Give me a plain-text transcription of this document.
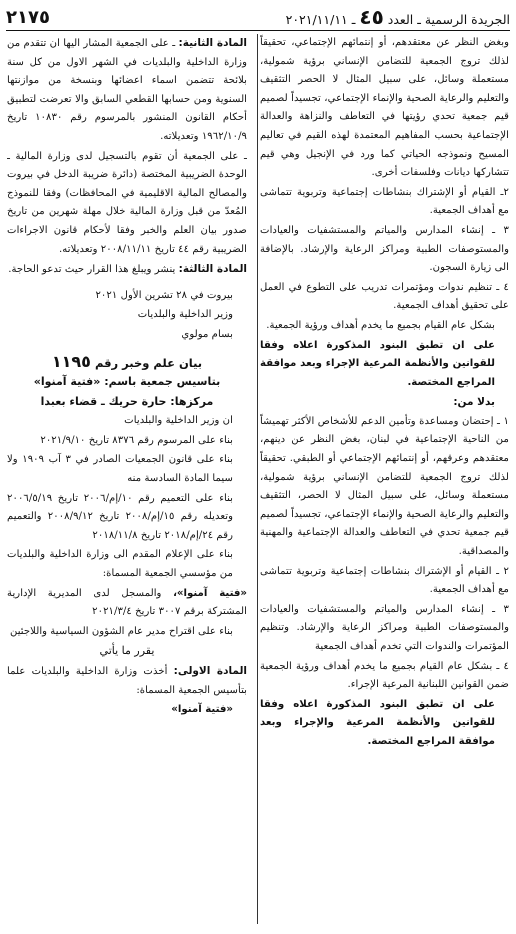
٢١٧٥	الجريدة الرسمية ـ العدد ٤٥ ـ ٢٠٢١/١١/١١

وبغض النظر عن معتقدهم، أو إنتمائهم الإجتماعي، تحقيقاً لذلك تروج الجمعية للتضامن الإنساني برؤية شمولية، مستعملة وسائل، على سبيل المثال لا الحصر التثقيف والتعليم والرعاية الصحية والإنماء الإجتماعي، تجسيداً لصميم قيم جمعية تحدي رؤيتها في التعاطف والنزاهة والعدالة الإجتماعية بحسب المفاهيم المعتمدة لهذه القيم في تعاليم المسيح ونموذجه الحياتي كما ورد في الإنجيل وهي قيم تتشاركها ديانات وفلسفات أخرى.

٢ـ القيام أو الإشتراك بنشاطات إجتماعية وتربوية تتماشى مع أهداف الجمعية.

٣ ـ إنشاء المدارس والمياتم والمستشفيات والعيادات والمستوصفات الطبية ومراكز الرعاية والإرشاد. بالإضافة الى زيارة السجون.

٤ ـ تنظيم ندوات ومؤتمرات تدريب على التطوع في العمل على تحقيق أهداف الجمعية.

بشكل عام القيام بجميع ما يخدم أهداف ورؤية الجمعية.

على ان تطبق البنود المذكورة اعلاه وفقا للقوانين والأنظمة المرعية الإجراء وبعد موافقة المراجع المختصة.

بدلا من:

١ ـ إحتضان ومساعدة وتأمين الدعم للأشخاص الأكثر تهميشاً من الناحية الإجتماعية في لبنان، بغض النظر عن دينهم، معتقدهم وعرقهم، أو إنتمائهم الإجتماعي أو الطبقي. تحقيقاً لذلك تروج الجمعية للتضامن الإنساني برؤية شمولية، مستعملة وسائل، على سبيل المثال لا الحصر، التثقيف والتعليم والرعاية الصحية والإنماء الإجتماعي، تجسيداً لصميم قيم جمعية تحدي في التعاطف والعدالة الإجتماعية والمهنية والمصداقية.

٢ ـ القيام أو الإشتراك بنشاطات إجتماعية وتربوية تتماشى مع أهداف الجمعية.

٣ ـ إنشاء المدارس والمياتم والمستشفيات والعيادات والمستوصفات الطبية ومراكز الرعاية والإرشاد. وتنظيم المؤتمرات والندوات التي تخدم أهداف الجمعية

٤ ـ بشكل عام القيام بجميع ما يخدم أهداف ورؤية الجمعية ضمن القوانين اللبنانية المرعية الإجراء.

على ان تطبق البنود المذكورة اعلاه وفقا للقوانين والأنظمة المرعية والإجراء وبعد موافقة المراجع المختصة.

المادة الثانية: ـ على الجمعية المشار اليها ان تتقدم من وزارة الداخلية والبلديات في الشهر الاول من كل سنة بلائحة تتضمن اسماء اعضائها وبنسخة من موازنتها السنوية ومن حسابها القطعي السابق والا تعرضت لتطبيق أحكام القانون المنشور بالمرسوم رقم ١٠٨٣٠ تاريخ ١٩٦٢/١٠/٩ وتعديلاته.

ـ على الجمعية أن تقوم بالتسجيل لدى وزارة المالية ـ الوحدة الضريبية المختصة (دائرة ضريبة الدخل في بيروت والمصالح المالية الاقليمية في المحافظات) وفقا للنموذج المُعدّ من قبل وزارة المالية خلال مهلة شهرين من تاريخ صدور بيان العلم والخبر وفقا لأحكام قانون الاجراءات الضريبية رقم ٤٤ تاريخ ٢٠٠٨/١١/١١ وتعديلاته.

المادة الثالثة: ينشر ويبلغ هذا القرار حيث تدعو الحاجة.

بيروت في ٢٨ تشرين الأول ٢٠٢١

وزير الداخلية والبلديات

بسام مولوي

بيان علم وخبر رقم ١١٩٥

بتاسيس جمعية باسم: «فتية آمنوا»

مركزها: حارة حريك ـ قضاء بعبدا

ان وزير الداخلية والبلديات

بناء على المرسوم رقم ٨٣٧٦ تاريخ ٢٠٢١/٩/١٠

بناء على قانون الجمعيات الصادر في ٣ آب ١٩٠٩ ولا سيما المادة السادسة منه

بناء على التعميم رقم ١٠/إم/٢٠٠٦ تاريخ ٢٠٠٦/٥/١٩ وتعديله رقم ١٥/إم/٢٠٠٨ تاريخ ٢٠٠٨/٩/١٢ والتعميم رقم ٢٤/إم/٢٠١٨ تاريخ ٢٠١٨/١١/٨

بناء على الإعلام المقدم الى وزارة الداخلية والبلديات من مؤسسي الجمعية المسماة:

«فتية آمنوا»، والمسجل لدى المديرية الإدارية المشتركة برقم ٣٠٠٧ تاريخ ٢٠٢١/٣/٤

بناء على اقتراح مدير عام الشؤون السياسية واللاجئين

يقرر ما يأتي

المادة الاولى: أخذت وزارة الداخلية والبلديات علما بتأسيس الجمعية المسماة:

«فتية آمنوا»
